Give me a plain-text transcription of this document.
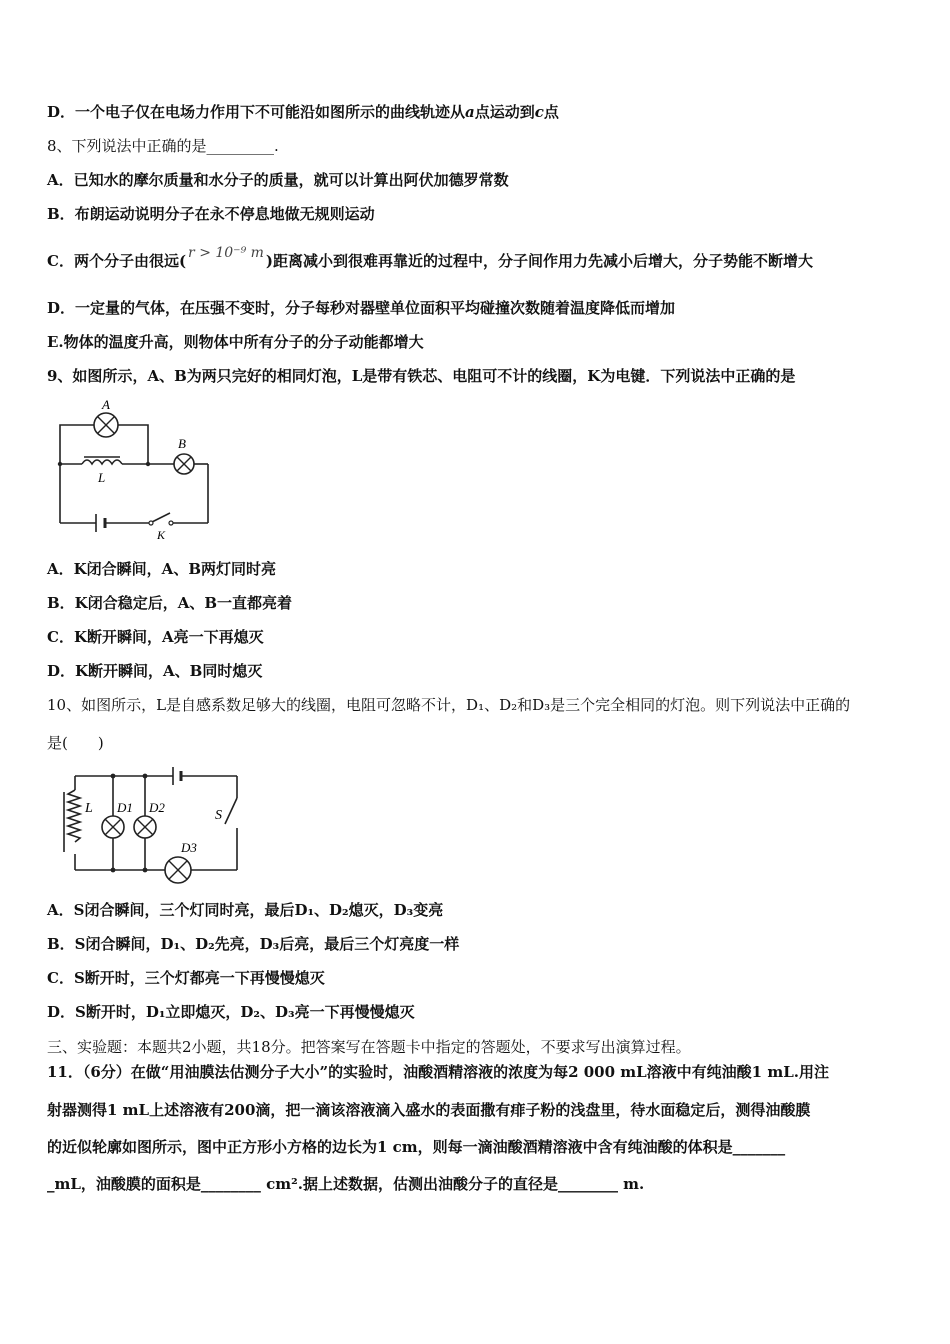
D．一个电子仅在电场力作用下不可能沿如图所示的曲线轨迹从a点运动到c点
8、下列说法中正确的是_________.
A．已知水的摩尔质量和水分子的质量，就可以计算出阿伏加德罗常数
B．布朗运动说明分子在永不停息地做无规则运动
C．两个分子由很远( r > 10⁻⁹ m )距离减小到很难再靠近的过程中，分子间作用力先减小后增大，分子势能不断增大
D．一定量的气体，在压强不变时，分子每秒对器壁单位面积平均碰撞次数随着温度降低而增加
E.物体的温度升高，则物体中所有分子的分子动能都增大
9、如图所示，A、B为两只完好的相同灯泡，L是带有铁芯、电阻可不计的线圈，K为电键．下列说法中正确的是
A
B
L
K
A．K闭合瞬间，A、B两灯同时亮
B．K闭合稳定后，A、B一直都亮着
C．K断开瞬间，A亮一下再熄灭
D．K断开瞬间，A、B同时熄灭
10、如图所示，L是自感系数足够大的线圈，电阻可忽略不计，D₁、D₂和D₃是三个完全相同的灯泡。则下列说法中正确的
是(　　)
L D1 D2
D3
S
A．S闭合瞬间，三个灯同时亮，最后D₁、D₂熄灭，D₃变亮
B．S闭合瞬间，D₁、D₂先亮，D₃后亮，最后三个灯亮度一样
C．S断开时，三个灯都亮一下再慢慢熄灭
D．S断开时，D₁立即熄灭，D₂、D₃亮一下再慢慢熄灭
三、实验题：本题共2小题，共18分。把答案写在答题卡中指定的答题处，不要求写出演算过程。
11．（6分）在做“用油膜法估测分子大小”的实验时，油酸酒精溶液的浓度为每2 000 mL溶液中有纯油酸1 mL.用注
射器测得1 mL上述溶液有200滴，把一滴该溶液滴入盛水的表面撒有痱子粉的浅盘里，待水面稳定后，测得油酸膜
的近似轮廓如图所示，图中正方形小方格的边长为1 cm，则每一滴油酸酒精溶液中含有纯油酸的体积是_______
_mL，油酸膜的面积是________ cm².据上述数据，估测出油酸分子的直径是________ m.
